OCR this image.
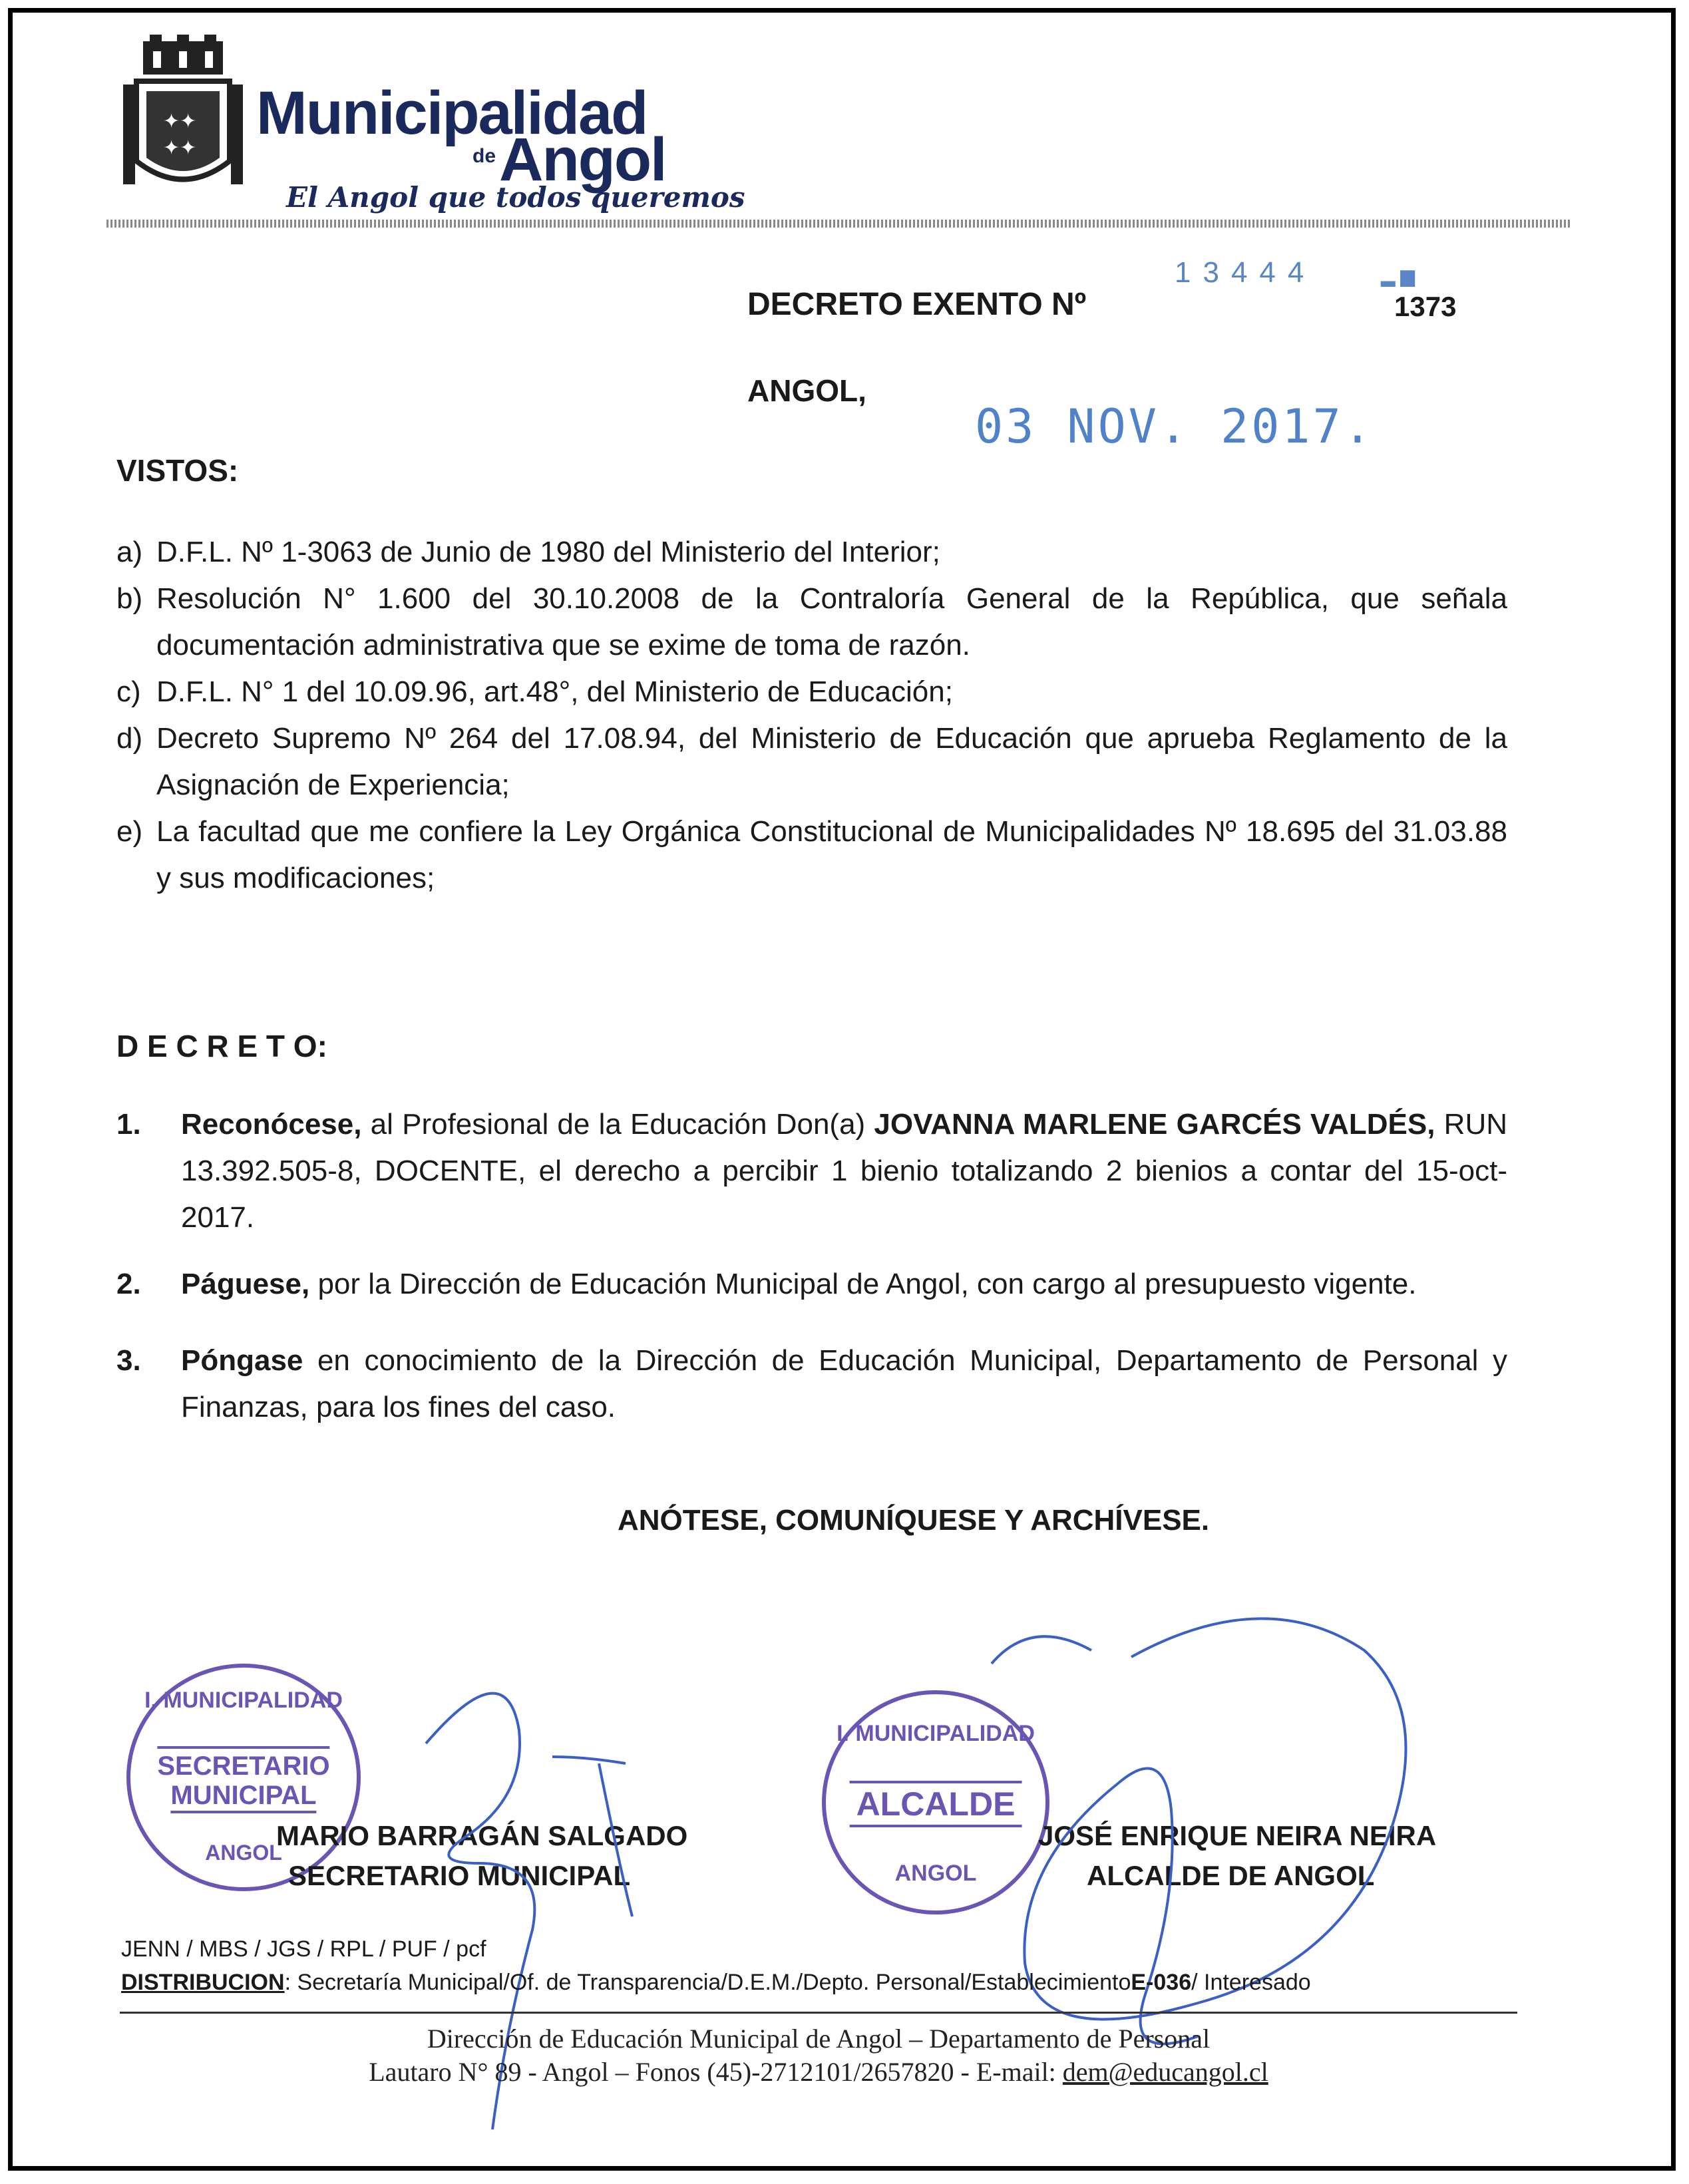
✦✦
✦✦
Municipalidad
de Angol
El Angol que todos queremos
13444	▂ ▆
03 NOV. 2017.
DECRETO EXENTO Nº	1373
ANGOL,
VISTOS:
a) D.F.L. Nº 1-3063 de Junio de 1980 del Ministerio del Interior;
b) Resolución N° 1.600 del 30.10.2008 de la Contraloría General de la República, que señala documentación administrativa que se exime de toma de razón.
c) D.F.L. N° 1 del 10.09.96, art.48°, del Ministerio de Educación;
d) Decreto Supremo Nº 264 del 17.08.94, del Ministerio de Educación que aprueba Reglamento de la Asignación de Experiencia;
e) La facultad que me confiere la Ley Orgánica Constitucional de Municipalidades Nº 18.695 del 31.03.88 y sus modificaciones;
D E C R E T O:
1.	Reconócese, al Profesional de la Educación Don(a) JOVANNA MARLENE GARCÉS VALDÉS, RUN 13.392.505-8, DOCENTE, el derecho a percibir 1 bienio totalizando 2 bienios a contar del 15-oct-2017.
2.	Páguese, por la Dirección de Educación Municipal de Angol, con cargo al presupuesto vigente.
3.	Póngase en conocimiento de la Dirección de Educación Municipal, Departamento de Personal y Finanzas, para los fines del caso.
ANÓTESE, COMUNÍQUESE Y ARCHÍVESE.
I. MUNICIPALIDAD
SECRETARIO
MUNICIPAL
ANGOL
I. MUNICIPALIDAD
ALCALDE
ANGOL
MARIO BARRAGÁN SALGADO
SECRETARIO MUNICIPAL
JOSÉ ENRIQUE NEIRA NEIRA
ALCALDE DE ANGOL
JENN / MBS / JGS / RPL / PUF / pcf
DISTRIBUCION: Secretaría Municipal/Of. de Transparencia/D.E.M./Depto. Personal/EstablecimientoE-036/ Interesado
Dirección de Educación Municipal de Angol – Departamento de Personal
Lautaro N° 89 - Angol – Fonos (45)-2712101/2657820 - E-mail: dem@educangol.cl
